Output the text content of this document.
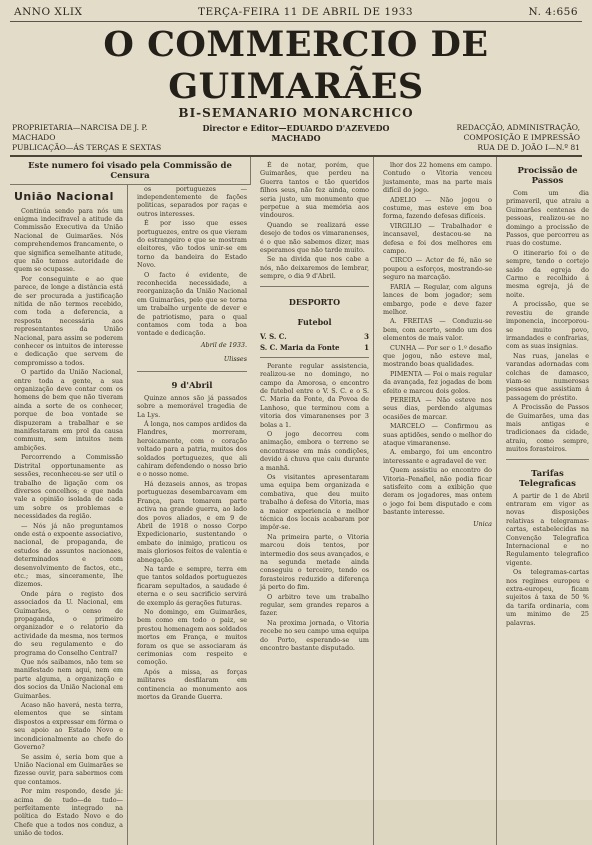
ANNO XLIX	TERÇA-FEIRA 11 DE ABRIL DE 1933	N. 4:656
O COMMERCIO DE GUIMARÃES
BI-SEMANARIO MONARCHICO
PROPRIETARIA—NARCISA DE J. P. MACHADO
PUBLICAÇÃO—ÁS TERÇAS E SEXTAS
Director e Editor—EDUARDO D'AZEVEDO MACHADO
REDACÇÃO, ADMINISTRAÇÃO, COMPOSIÇÃO E IMPRESSÃO
RUA DE D. JOÃO I—N.º 81
Este numero foi visado pela Commissão de Censura

É de notar, porém, que Guimarães, que perdeu na Guerra tantos e tão queridos filhos seus, não fez ainda, como seria justo, um monumento que perpetue a sua memória aos vindouros.

Quando se realizará esse desejo de todos os vimaranenses, é o que não sabemos dizer, mas esperamos que não tarde muito.

Se na divida que nos cabe a nós, não deixaremos de lembrar, sempre, o dia 9 d'Abril.

DESPORTO
Futebol
V. S. C.	3
S. C. Maria da Fonte	1

Perante regular assistencia, realizou-se no domingo, no campo da Amorosa, o encontro de futebol entre o V. S. C. e o S. C. Maria da Fonte, da Povoa de Lanhoso, que terminou com a vitoria dos vimaranenses por 3 bolas a 1.

O jogo decorreu com animação, embora o terreno se encontrasse em más condições, devido á chuva que caiu durante a manhã.

Os visitantes apresentaram uma equipa bem organizada e combativa, que deu muito trabalho á defesa do Vitoria, mas a maior experiencia e melhor técnica dos locais acabaram por impôr-se.

Na primeira parte, o Vitoria marcou dois tentos, por intermedio dos seus avançados, e na segunda metade ainda conseguiu o terceiro, tendo os forasteiros reduzido a diferença já perto do fim.

O arbitro teve um trabalho regular, sem grandes reparos a fazer.

Na proxima jornada, o Vitoria recebe no seu campo uma equipa do Porto, esperando-se um encontro bastante disputado.

lhor dos 22 homens em campo. Contudo o Vitoria venceu justamente, mas na parte mais difícil do jogo.

ADELIO — Não jogou o costume, mas esteve em boa forma, fazendo defesas difíceis.

VIRGILIO — Trabalhador e incansavel, destacou-se na defesa e foi dos melhores em campo.

CIRCO — Actor de fé, não se poupou a esforços, mostrando-se seguro na marcação.

FARIA — Regular, com alguns lances de bom jogador; sem embargo, pode e deve fazer melhor.

A. FREITAS — Conduziu-se bem, com acerto, sendo um dos elementos de mais valor.

CUNHA — Por ser o 1.º desafio que jogou, não esteve mal, mostrando boas qualidades.

PIMENTA — Foi o mais regular da avançada, fez jogadas de bom efeito e marcou dois golos.

PEREIRA — Não esteve nos seus dias, perdendo algumas ocasiões de marcar.

MARCELO — Confirmou as suas aptidões, sendo o melhor do ataque vimaranense.

A. embargo, foi um encontro interessante e agradavel de ver.

Quem assistiu ao encontro do Vitoria–Penafiel, não podia ficar satisfeito com a exibição que deram os jogadores, mas ontem o jogo foi bem disputado e com bastante interesse.

Unica
Procissão de Passos

Com um dia primaveril, que atraiu a Guimarães centenas de pessoas, realizou-se no domingo a procissão de Passos, que percorreu as ruas do costume.

O itinerario foi o de sempre, tendo o cortejo saido da egreja do Carmo e recolhido á mesma egreja, já de noite.

A procissão, que se revestiu de grande imponencia, incorporou-se muito povo, irmandades e confrarias, com as suas insignias.

Nas ruas, janelas e varandas adornadas com colchas de damasco, viam-se numerosas pessoas que assistiam á passagem do préstito.

A Procissão de Passos de Guimarães, uma das mais antigas e tradicionaes da cidade, atraiu, como sempre, muitos forasteiros.

Tarifas Telegraficas

A partir de 1 de Abril entraram em vigor as novas disposições relativas a telegramas-cartas, estabelecidas na Convenção Telegrafica Internacional e no Regulamento telegrafico vigente.

Os telegramas-cartas nos regimes europeu e extra-europeu, ficam sujeitos á taxa de 50 % da tarifa ordinaria, com um minimo de 25 palavras.

União Nacional

Continúa sendo para nós um enigma indecifravel a atitude da Commissão Executiva da União Nacional de Guimarães. Nós comprehendemos francamente, o que significa semelhante atitude, que não temos autoridade de quem se ocupasse.

Por conseguinte e ao que parece, de longe a distância está de ser procurada a justificação nitida de não termos recebido, com toda a deferencia, a resposta necessária aos representantes da União Nacional, para assim se poderem conhecer os intuitos de interesse e dedicação que servem de compromisso a todos.

O partido da União Nacional, entre toda a gente, a sua organização deve contar com os homens de bem que não tiveram ainda a sorte de os conhecer, porque de boa vontade se dispuzeram a trabalhar e se manifestaram em prol da causa commum, sem intuitos nem ambições.

Percorrendo a Commissão Distrital opportunamente as sessões, reconheceu-se ser util o trabalho de ligação com os diversos concelhos; e que nada vale a opinião isolada de cada um sobre os problemas e necessidades da região.

— Nós já não preguntamos onde está o expoente associativo, nacional, de propaganda, de estudos de assuntos nacionaes, determinados e com desenvolvimento de factos, etc., etc.; mas, sinceramente, lhe dizemos.

Onde pára o registo dos associados da U. Nacional, em Guimarães, o censo de propaganda, o primeiro organizador e o relatorio da actividade da mesma, nos termos do seu regulamento e do programa do Conselho Central?

Que nós saibamos, não tem se manifestado nem aqui, nem em parte alguma, a organização e dos socios da União Nacional em Guimarães.

Acaso não haverá, nesta terra, elementos que se sintam dispostos a expressar em fórma o seu apoio ao Estado Novo e incondicionalmente ao chefe do Governo?

Se assim é, seria bom que a União Nacional em Guimarães se fizesse ouvir, para sabermos com que contamos.

Por mim respondo, desde já: acima de tudo—de tudo—perfeitamente integrado na política do Estado Novo e do Chefe que a todos nos conduz, a união de todos.

os portuguezes — independentemente de fações politicas, separados por raças e outros interesses.

É por isso que esses portuguezes, entre os que vieram do estrangeiro e que se mostram eleitores, vão todos unir-se em torno da bandeira do Estado Novo.

O facto é evidente, de reconhecida necessidade, a reorganização da União Nacional em Guimarães, pelo que se torna um trabalho urgente de dever e de patriotismo, para o qual contamos com toda a boa vontade e dedicação.

Abril de 1933.
Ulisses
9 d'Abril

Quinze annos são já passados sobre a memorável tragedia de La Lys.

Á longa, nos campos ardidos da Flandres, morreram, heroicamente, com o coração voltado para a patria, muitos dos soldados portuguezes, que ali cahiram defendendo o nosso brio e o nosso nome.

Há dezaseis annos, as tropas portuguezas desembarcavam em França, para tomarem parte activa na grande guerra, ao lado dos povos aliados, e em 9 de Abril de 1918 o nosso Corpo Expedicionario, sustentando o embate do inimigo, praticou os mais gloriosos feitos de valentia e abnegação.

Na tarde e sempre, terra em que tantos soldados portuguezes ficaram sepultados, a saudade é eterna e o seu sacrificio servirá de exemplo ás gerações futuras.

No domingo, em Guimarães, bem como em todo o paiz, se prestou homenagem aos soldados mortos em França, e muitos foram os que se associaram ás cerimonias com respeito e comoção.

Após a missa, as forças militares desfilaram em continencia ao monumento aos mortos da Grande Guerra.
